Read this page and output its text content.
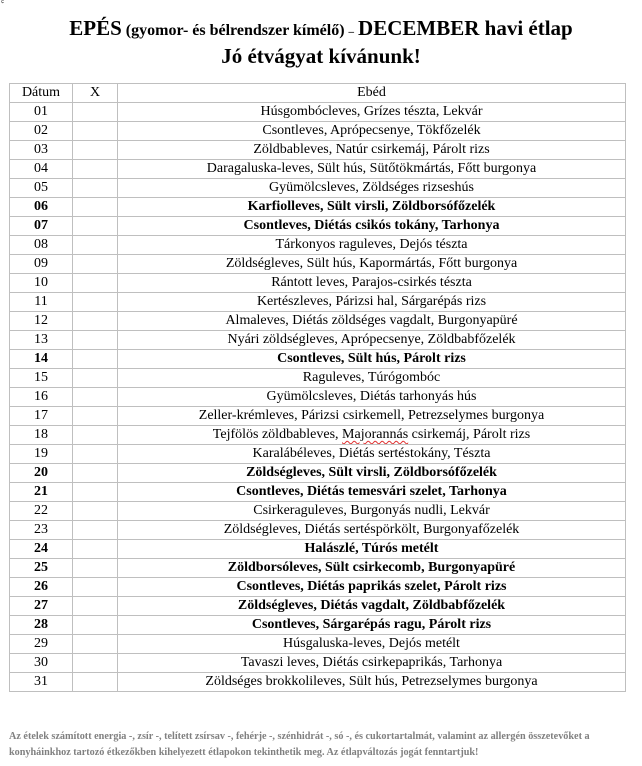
ᶝ
EPÉS (gyomor- és bélrendszer kímélő) – DECEMBER havi étlap
Jó étvágyat kívánunk!
Dátum	X	Ebéd
01		Húsgombócleves, Grízes tészta, Lekvár
02		Csontleves, Aprópecsenye, Tökfőzelék
03		Zöldbableves, Natúr csirkemáj, Párolt rizs
04		Daragaluska-leves, Sült hús, Sütőtökmártás, Főtt burgonya
05		Gyümölcsleves, Zöldséges rizseshús
06		Karfiolleves, Sült virsli, Zöldborsófőzelék
07		Csontleves, Diétás csikós tokány, Tarhonya
08		Tárkonyos raguleves, Dejós tészta
09		Zöldségleves, Sült hús, Kapormártás, Főtt burgonya
10		Rántott leves, Parajos-csirkés tészta
11		Kertészleves, Párizsi hal, Sárgarépás rizs
12		Almaleves, Diétás zöldséges vagdalt, Burgonyapüré
13		Nyári zöldségleves, Aprópecsenye, Zöldbabfőzelék
14		Csontleves, Sült hús, Párolt rizs
15		Raguleves, Túrógombóc
16		Gyümölcsleves, Diétás tarhonyás hús
17		Zeller-krémleves, Párizsi csirkemell, Petrezselymes burgonya
18		Tejfölös zöldbableves, Majorannás csirkemáj, Párolt rizs
19		Karalábéleves, Diétás sertéstokány, Tészta
20		Zöldségleves, Sült virsli, Zöldborsófőzelék
21		Csontleves, Diétás temesvári szelet, Tarhonya
22		Csirkeraguleves, Burgonyás nudli, Lekvár
23		Zöldségleves, Diétás sertéspörkölt, Burgonyafőzelék
24		Halászlé, Túrós metélt
25		Zöldborsóleves, Sült csirkecomb, Burgonyapüré
26		Csontleves, Diétás paprikás szelet, Párolt rizs
27		Zöldségleves, Diétás vagdalt, Zöldbabfőzelék
28		Csontleves, Sárgarépás ragu, Párolt rizs
29		Húsgaluska-leves, Dejós metélt
30		Tavaszi leves, Diétás csirkepaprikás, Tarhonya
31		Zöldséges brokkolileves, Sült hús, Petrezselymes burgonya
Az ételek számított energia -, zsír -, telített zsírsav -, fehérje -, szénhidrát -, só -, és cukortartalmát, valamint az allergén összetevőket a konyháinkhoz tartozó étkezőkben kihelyezett étlapokon tekinthetik meg. Az étlapváltozás jogát fenntartjuk!
